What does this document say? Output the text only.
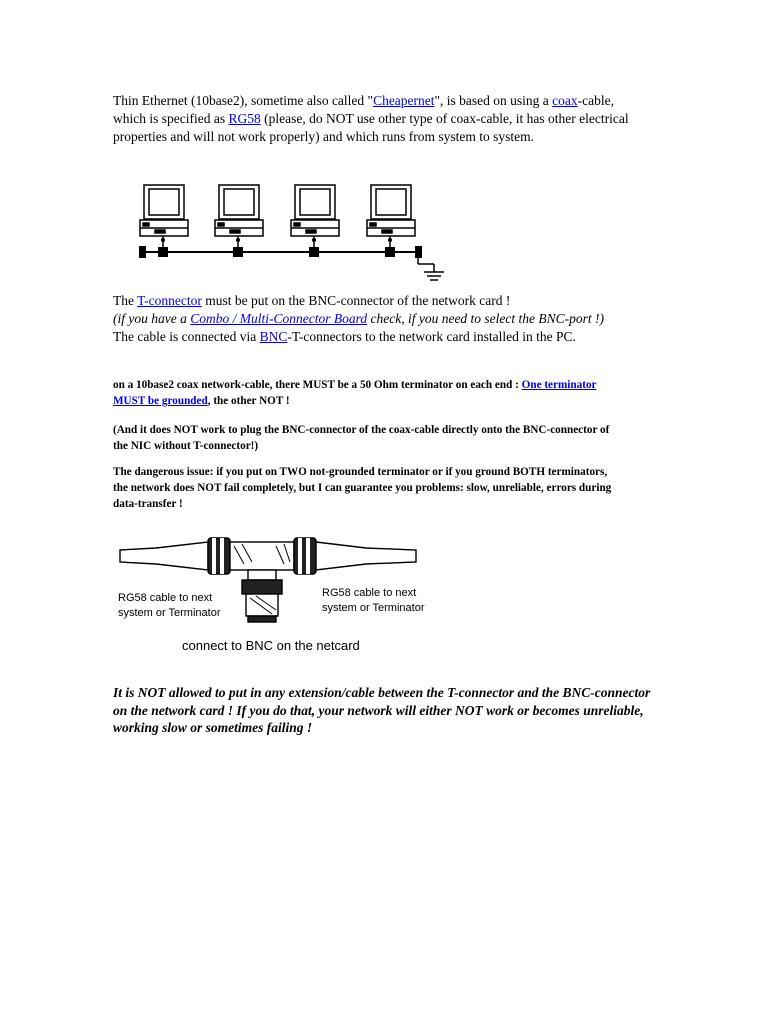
Thin Ethernet (10base2), sometime also called "Cheapernet", is based on using a coax-cable, which is specified as RG58 (please, do NOT use other type of coax-cable, it has other electrical properties and will not work properly) and which runs from system to system.

The T-connector must be put on the BNC-connector of the network card !
(if you have a Combo / Multi-Connector Board check, if you need to select the BNC-port !)
The cable is connected via BNC-T-connectors to the network card installed in the PC.

on a 10base2 coax network-cable, there MUST be a 50 Ohm terminator on each end : One terminator MUST be grounded, the other NOT !

(And it does NOT work to plug the BNC-connector of the coax-cable directly onto the BNC-connector of the NIC without T-connector!)

The dangerous issue: if you put on TWO not-grounded terminator or if you ground BOTH terminators, the network does NOT fail completely, but I can guarantee you problems: slow, unreliable, errors during data-transfer !

RG58 cable to next
system or Terminator
RG58 cable to next
system or Terminator
connect to BNC on the netcard

It is NOT allowed to put in any extension/cable between the T-connector and the BNC-connector on the network card ! If you do that, your network will either NOT work or becomes unreliable, working slow or sometimes failing !
